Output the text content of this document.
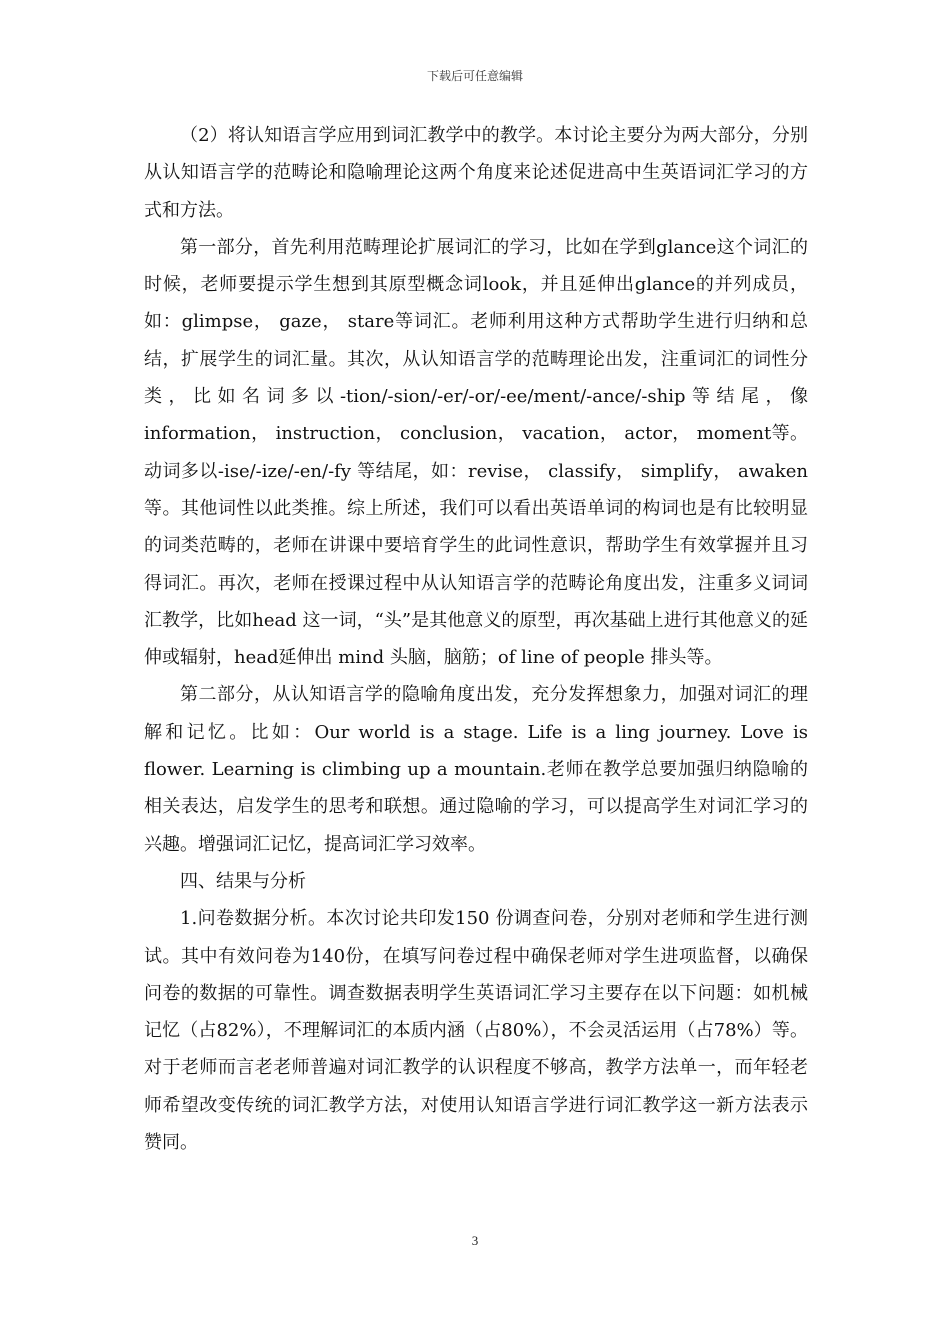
下载后可任意编辑

（2）将认知语言学应用到词汇教学中的教学。本讨论主要分为两大部分，分别从认知语言学的范畴论和隐喻理论这两个角度来论述促进高中生英语词汇学习的方式和方法。

第一部分，首先利用范畴理论扩展词汇的学习，比如在学到glance这个词汇的时候，老师要提示学生想到其原型概念词look，并且延伸出glance的并列成员，如：glimpse， gaze， stare等词汇。老师利用这种方式帮助学生进行归纳和总结，扩展学生的词汇量。其次，从认知语言学的范畴理论出发，注重词汇的词性分类，比如名词多以-tion/-sion/-er/-or/-ee/ment/-ance/-ship等结尾，像 information， instruction， conclusion， vacation， actor， moment等。动词多以-ise/-ize/-en/-fy 等结尾，如：revise， classify， simplify， awaken等。其他词性以此类推。综上所述，我们可以看出英语单词的构词也是有比较明显的词类范畴的，老师在讲课中要培育学生的此词性意识，帮助学生有效掌握并且习得词汇。再次，老师在授课过程中从认知语言学的范畴论角度出发，注重多义词词汇教学，比如head 这一词，“头”是其他意义的原型，再次基础上进行其他意义的延伸或辐射，head延伸出 mind 头脑，脑筋；of line of people 排头等。

第二部分，从认知语言学的隐喻角度出发，充分发挥想象力，加强对词汇的理解和记忆。比如：Our world is a stage. Life is a ling journey. Love is flower. Learning is climbing up a mountain.老师在教学总要加强归纳隐喻的相关表达，启发学生的思考和联想。通过隐喻的学习，可以提高学生对词汇学习的兴趣。增强词汇记忆，提高词汇学习效率。

四、结果与分析

1.问卷数据分析。本次讨论共印发150 份调查问卷，分别对老师和学生进行测试。其中有效问卷为140份，在填写问卷过程中确保老师对学生进项监督，以确保问卷的数据的可靠性。调查数据表明学生英语词汇学习主要存在以下问题：如机械记忆（占82%），不理解词汇的本质内涵（占80%），不会灵活运用（占78%）等。对于老师而言老老师普遍对词汇教学的认识程度不够高，教学方法单一，而年轻老师希望改变传统的词汇教学方法，对使用认知语言学进行词汇教学这一新方法表示赞同。

3
